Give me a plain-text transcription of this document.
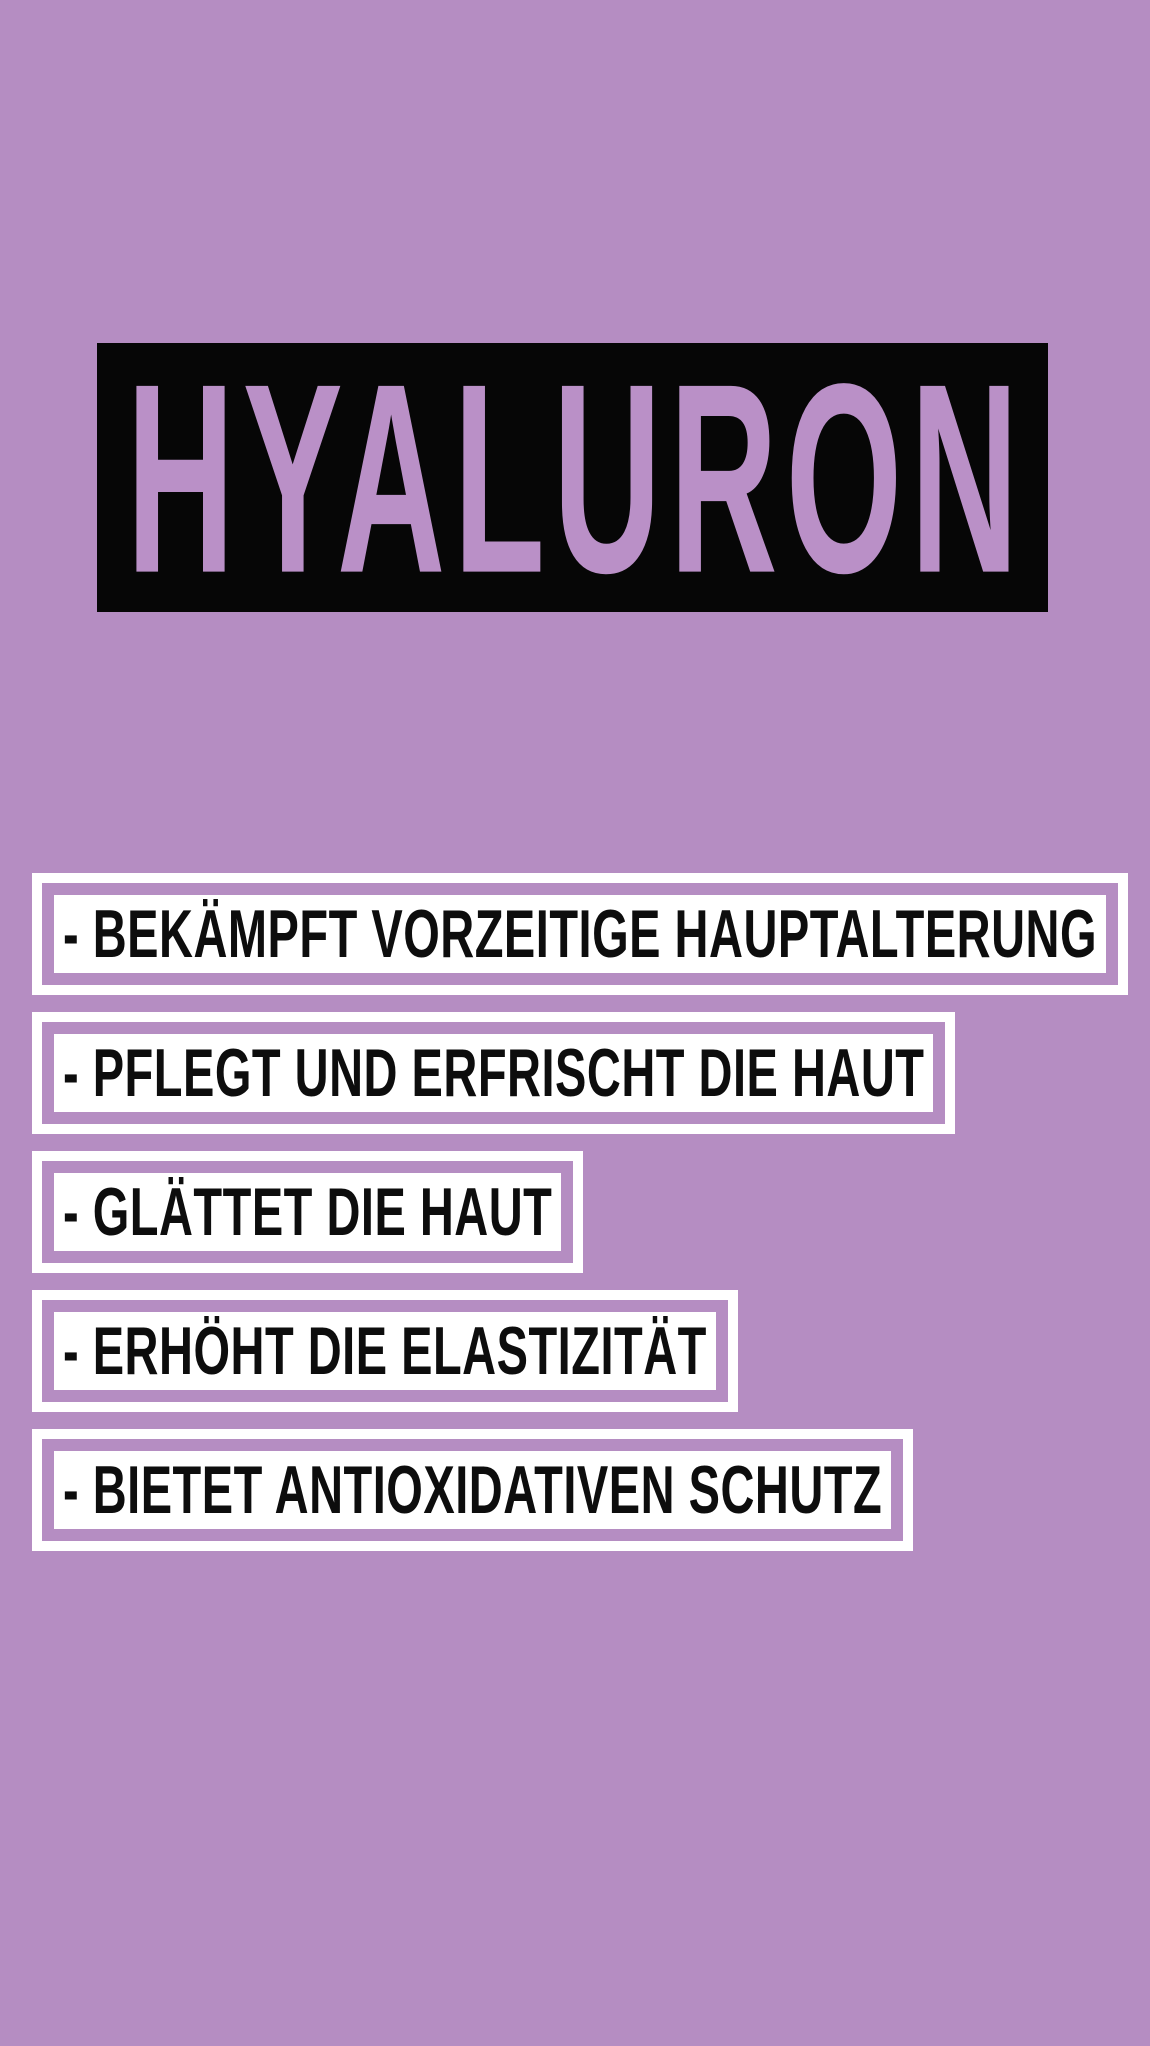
HYALURON
- BEKÄMPFT VORZEITIGE HAUPTALTERUNG
- PFLEGT UND ERFRISCHT DIE HAUT
- GLÄTTET DIE HAUT
- ERHÖHT DIE ELASTIZITÄT
- BIETET ANTIOXIDATIVEN SCHUTZ
